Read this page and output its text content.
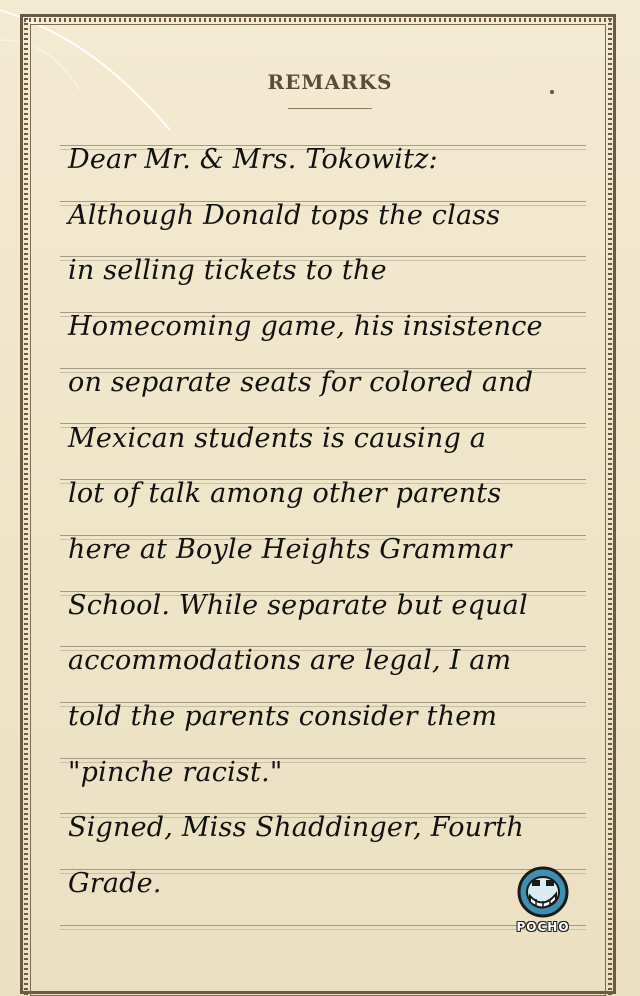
REMARKS
Dear Mr. & Mrs. Tokowitz:
Although Donald tops the class
in selling tickets to the
Homecoming game, his insistence
on separate seats for colored and
Mexican students is causing a
lot of talk among other parents
here at Boyle Heights Grammar
School. While separate but equal
accommodations are legal, I am
told the parents consider them
"pinche racist."
Signed, Miss Shaddinger, Fourth
Grade.
POCHO
